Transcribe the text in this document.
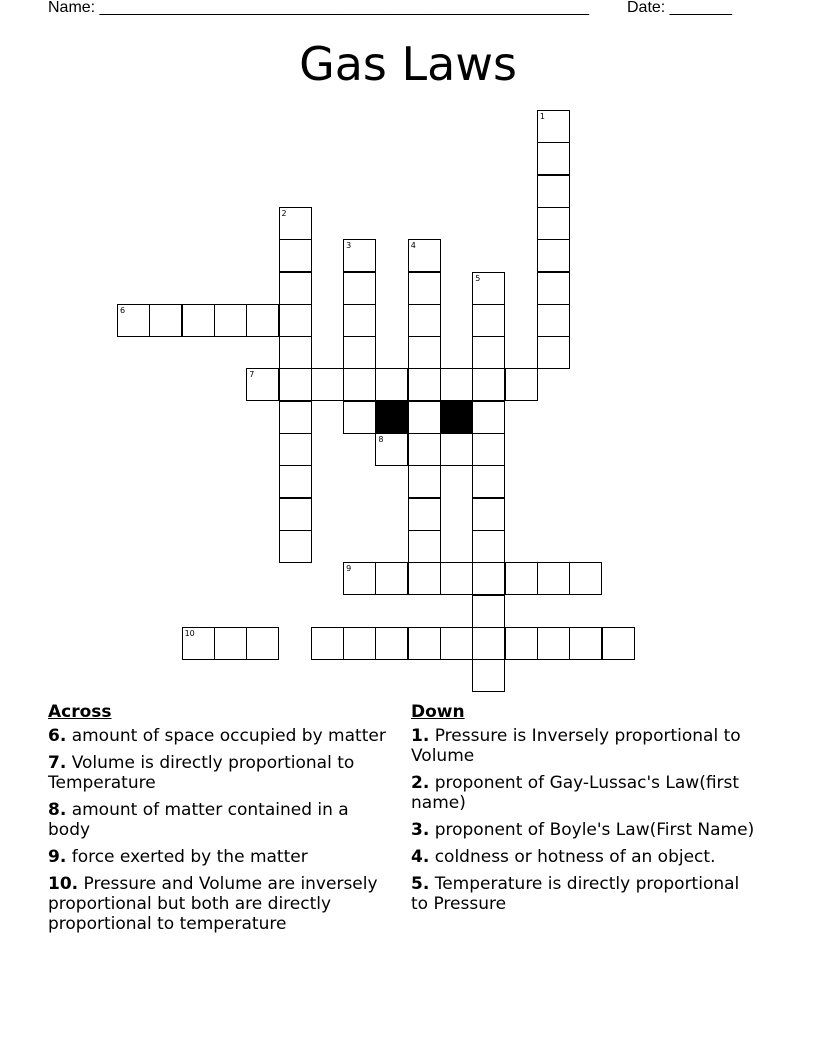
Name: _______________________________________________________ Date: _______
Gas Laws
1
2
3	4
5
6
7
8
9
10
Across
6. amount of space occupied by matter
7. Volume is directly proportional to Temperature
8. amount of matter contained in a body
9. force exerted by the matter
10. Pressure and Volume are inversely proportional but both are directly proportional to temperature
Down
1. Pressure is Inversely proportional to Volume
2. proponent of Gay-Lussac's Law(first name)
3. proponent of Boyle's Law(First Name)
4. coldness or hotness of an object.
5. Temperature is directly proportional to Pressure
